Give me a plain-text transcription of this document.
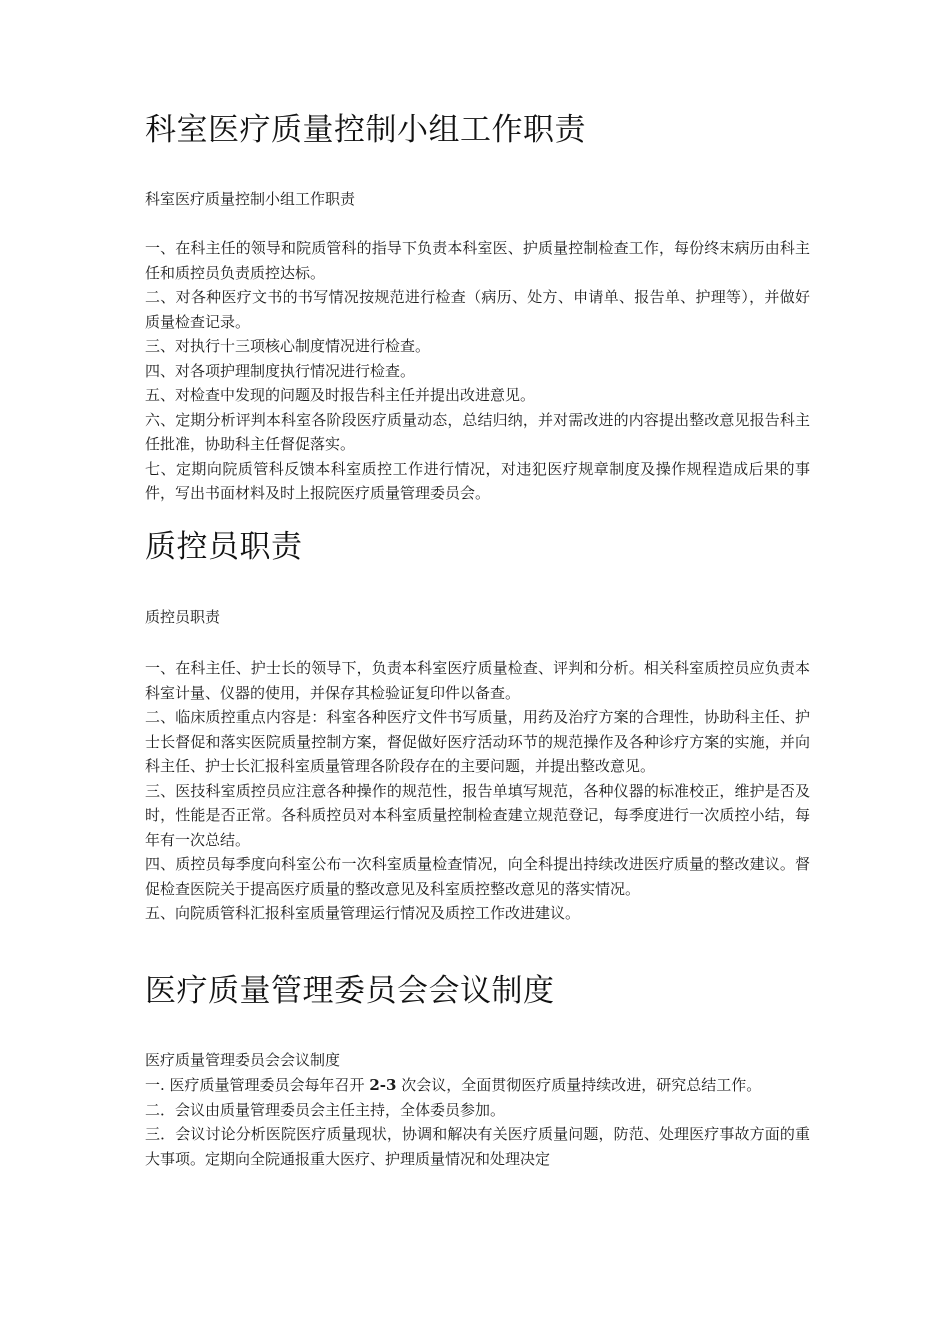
科室医疗质量控制小组工作职责

科室医疗质量控制小组工作职责

一、在科主任的领导和院质管科的指导下负责本科室医、护质量控制检查工作，每份终末病历由科主任和质控员负责质控达标。

二、对各种医疗文书的书写情况按规范进行检查（病历、处方、申请单、报告单、护理等），并做好质量检查记录。

三、对执行十三项核心制度情况进行检查。

四、对各项护理制度执行情况进行检查。

五、对检查中发现的问题及时报告科主任并提出改进意见。

六、定期分析评判本科室各阶段医疗质量动态，总结归纳，并对需改进的内容提出整改意见报告科主任批准，协助科主任督促落实。

七、定期向院质管科反馈本科室质控工作进行情况，对违犯医疗规章制度及操作规程造成后果的事件，写出书面材料及时上报院医疗质量管理委员会。

质控员职责

质控员职责

一、在科主任、护士长的领导下，负责本科室医疗质量检查、评判和分析。相关科室质控员应负责本科室计量、仪器的使用，并保存其检验证复印件以备查。

二、临床质控重点内容是：科室各种医疗文件书写质量，用药及治疗方案的合理性，协助科主任、护士长督促和落实医院质量控制方案，督促做好医疗活动环节的规范操作及各种诊疗方案的实施，并向科主任、护士长汇报科室质量管理各阶段存在的主要问题，并提出整改意见。

三、医技科室质控员应注意各种操作的规范性，报告单填写规范，各种仪器的标准校正，维护是否及时，性能是否正常。各科质控员对本科室质量控制检查建立规范登记，每季度进行一次质控小结，每年有一次总结。

四、质控员每季度向科室公布一次科室质量检查情况，向全科提出持续改进医疗质量的整改建议。督促检查医院关于提高医疗质量的整改意见及科室质控整改意见的落实情况。

五、向院质管科汇报科室质量管理运行情况及质控工作改进建议。

医疗质量管理委员会会议制度

医疗质量管理委员会会议制度

一. 医疗质量管理委员会每年召开 2-3 次会议，全面贯彻医疗质量持续改进，研究总结工作。

二．会议由质量管理委员会主任主持，全体委员参加。

三．会议讨论分析医院医疗质量现状，协调和解决有关医疗质量问题，防范、处理医疗事故方面的重大事项。定期向全院通报重大医疗、护理质量情况和处理决定
